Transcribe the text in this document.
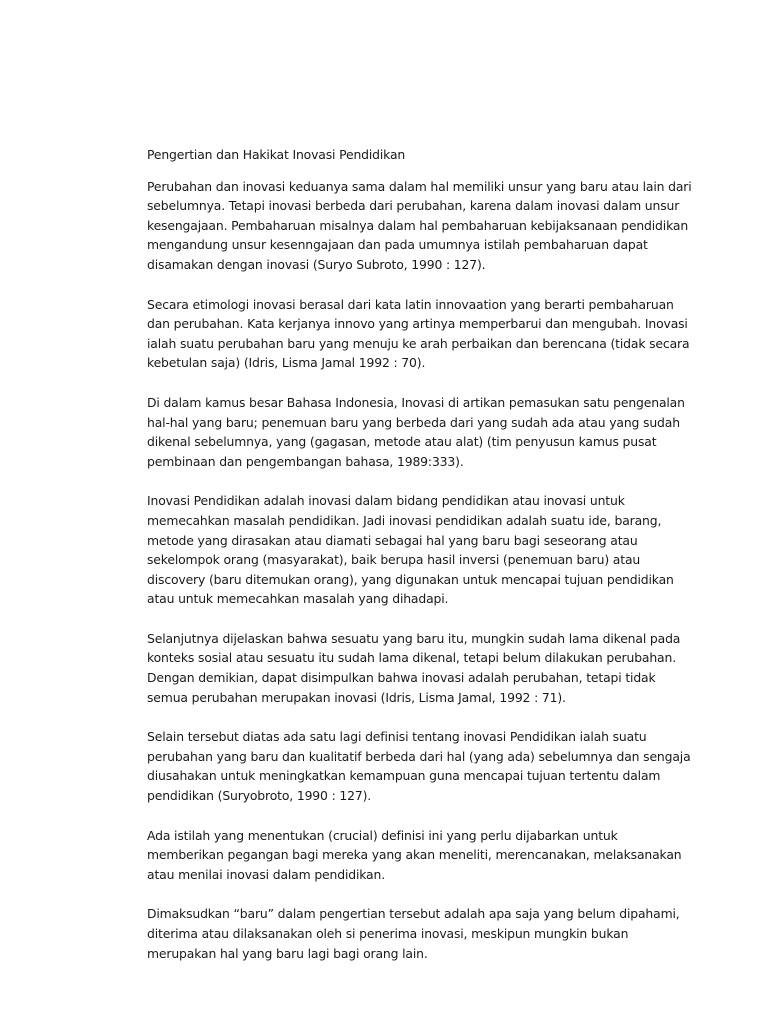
Pengertian dan Hakikat Inovasi Pendidikan
Perubahan dan inovasi keduanya sama dalam hal memiliki unsur yang baru atau lain dari
sebelumnya. Tetapi inovasi berbeda dari perubahan, karena dalam inovasi dalam unsur
kesengajaan. Pembaharuan misalnya dalam hal pembaharuan kebijaksanaan pendidikan
mengandung unsur kesenngajaan dan pada umumnya istilah pembaharuan dapat
disamakan dengan inovasi (Suryo Subroto, 1990 : 127).
Secara etimologi inovasi berasal dari kata latin innovaation yang berarti pembaharuan
dan perubahan. Kata kerjanya innovo yang artinya memperbarui dan mengubah. Inovasi
ialah suatu perubahan baru yang menuju ke arah perbaikan dan berencana (tidak secara
kebetulan saja) (Idris, Lisma Jamal 1992 : 70).
Di dalam kamus besar Bahasa Indonesia, Inovasi di artikan pemasukan satu pengenalan
hal-hal yang baru; penemuan baru yang berbeda dari yang sudah ada atau yang sudah
dikenal sebelumnya, yang (gagasan, metode atau alat) (tim penyusun kamus pusat
pembinaan dan pengembangan bahasa, 1989:333).
Inovasi Pendidikan adalah inovasi dalam bidang pendidikan atau inovasi untuk
memecahkan masalah pendidikan. Jadi inovasi pendidikan adalah suatu ide, barang,
metode yang dirasakan atau diamati sebagai hal yang baru bagi seseorang atau
sekelompok orang (masyarakat), baik berupa hasil inversi (penemuan baru) atau
discovery (baru ditemukan orang), yang digunakan untuk mencapai tujuan pendidikan
atau untuk memecahkan masalah yang dihadapi.
Selanjutnya dijelaskan bahwa sesuatu yang baru itu, mungkin sudah lama dikenal pada
konteks sosial atau sesuatu itu sudah lama dikenal, tetapi belum dilakukan perubahan.
Dengan demikian, dapat disimpulkan bahwa inovasi adalah perubahan, tetapi tidak
semua perubahan merupakan inovasi (Idris, Lisma Jamal, 1992 : 71).
Selain tersebut diatas ada satu lagi definisi tentang inovasi Pendidikan ialah suatu
perubahan yang baru dan kualitatif berbeda dari hal (yang ada) sebelumnya dan sengaja
diusahakan untuk meningkatkan kemampuan guna mencapai tujuan tertentu dalam
pendidikan (Suryobroto, 1990 : 127).
Ada istilah yang menentukan (crucial) definisi ini yang perlu dijabarkan untuk
memberikan pegangan bagi mereka yang akan meneliti, merencanakan, melaksanakan
atau menilai inovasi dalam pendidikan.
Dimaksudkan “baru” dalam pengertian tersebut adalah apa saja yang belum dipahami,
diterima atau dilaksanakan oleh si penerima inovasi, meskipun mungkin bukan
merupakan hal yang baru lagi bagi orang lain.
